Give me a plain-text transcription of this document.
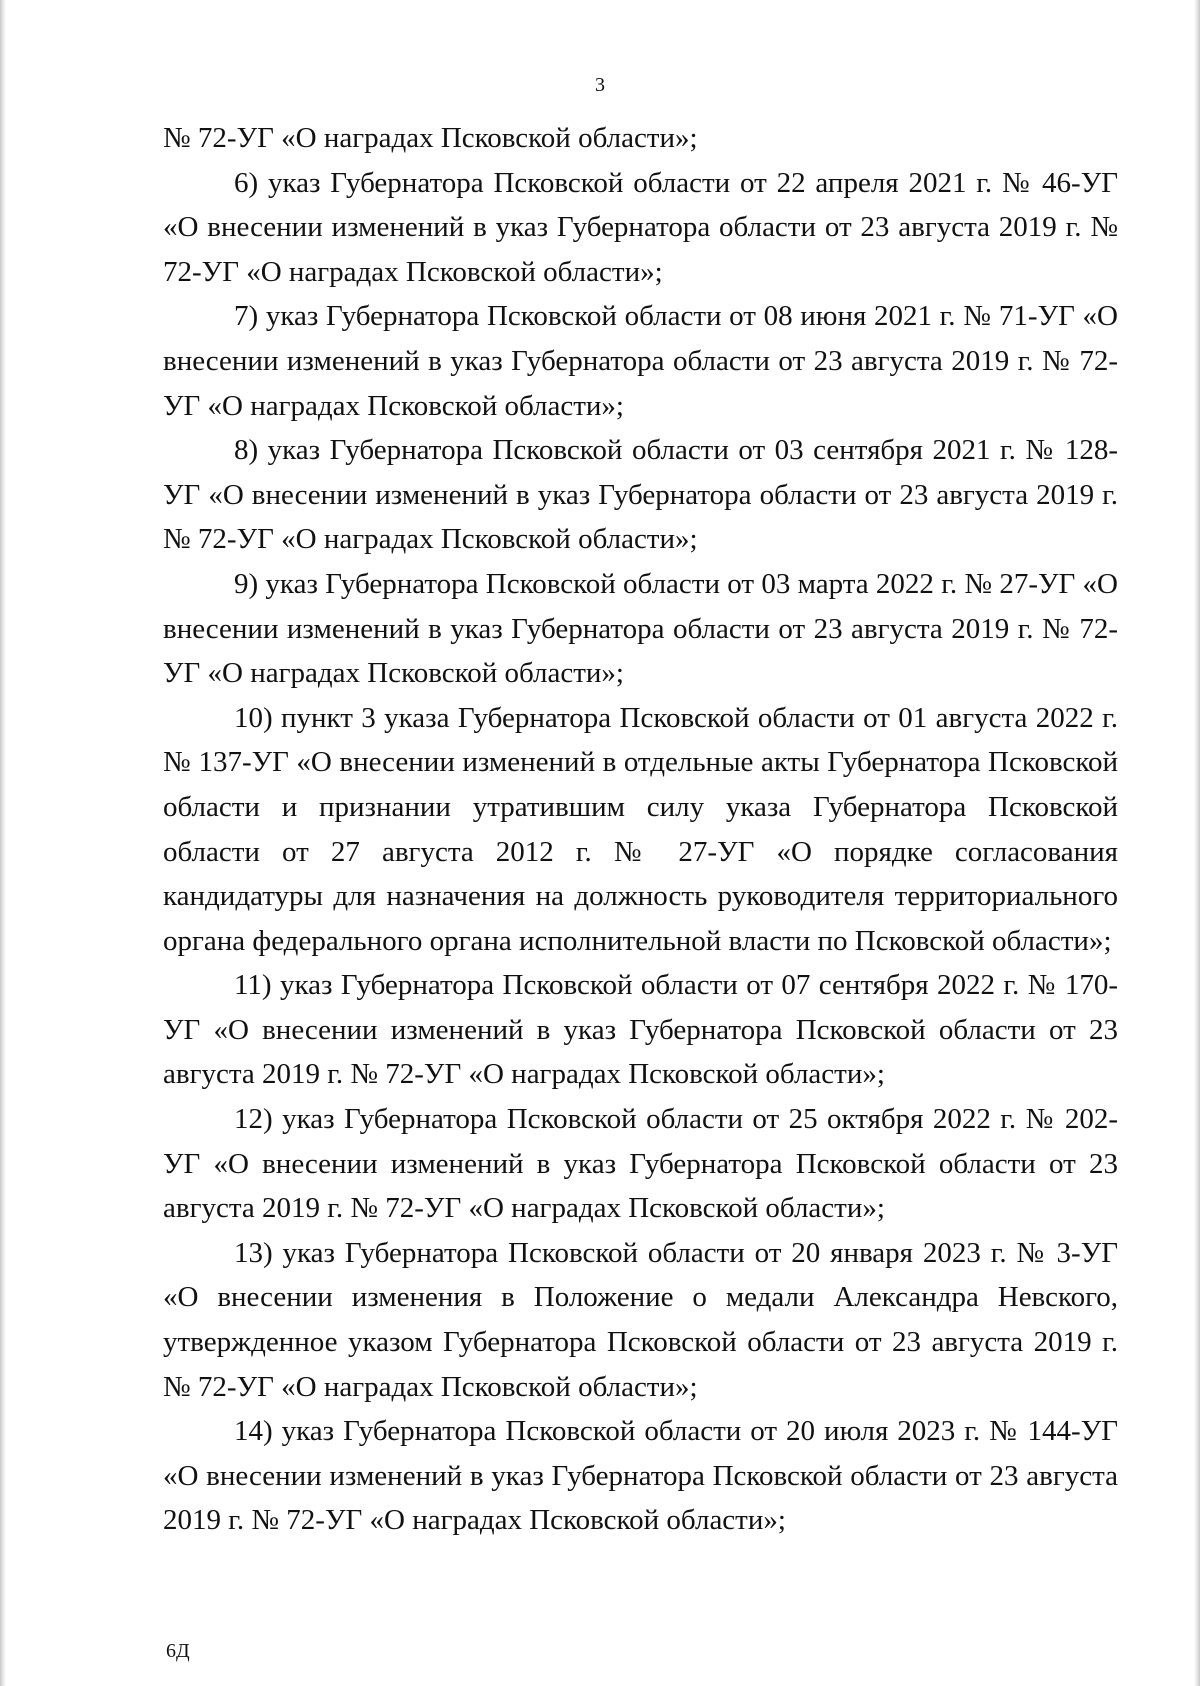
3

№ 72-УГ «О наградах Псковской области»;

6) указ Губернатора Псковской области от 22 апреля 2021 г. № 46-УГ «О внесении изменений в указ Губернатора области от 23 августа 2019 г. № 72-УГ «О наградах Псковской области»;

7) указ Губернатора Псковской области от 08 июня 2021 г. № 71-УГ «О внесении изменений в указ Губернатора области от 23 августа 2019 г. № 72-УГ «О наградах Псковской области»;

8) указ Губернатора Псковской области от 03 сентября 2021 г. № 128-УГ «О внесении изменений в указ Губернатора области от 23 августа 2019 г. № 72-УГ «О наградах Псковской области»;

9) указ Губернатора Псковской области от 03 марта 2022 г. № 27-УГ «О внесении изменений в указ Губернатора области от 23 августа 2019 г. № 72-УГ «О наградах Псковской области»;

10) пункт 3 указа Губернатора Псковской области от 01 августа 2022 г. № 137-УГ «О внесении изменений в отдельные акты Губернатора Псковской области и признании утратившим силу указа Губернатора Псковской области от 27 августа 2012 г. № 27-УГ «О порядке согласования кандидатуры для назначения на должность руководителя территориального органа федерального органа исполнительной власти по Псковской области»;

11) указ Губернатора Псковской области от 07 сентября 2022 г. № 170-УГ «О внесении изменений в указ Губернатора Псковской области от 23 августа 2019 г. № 72-УГ «О наградах Псковской области»;

12) указ Губернатора Псковской области от 25 октября 2022 г. № 202-УГ «О внесении изменений в указ Губернатора Псковской области от 23 августа 2019 г. № 72-УГ «О наградах Псковской области»;

13) указ Губернатора Псковской области от 20 января 2023 г. № 3-УГ «О внесении изменения в Положение о медали Александра Невского, утвержденное указом Губернатора Псковской области от 23 августа 2019 г. № 72-УГ «О наградах Псковской области»;

14) указ Губернатора Псковской области от 20 июля 2023 г. № 144-УГ «О внесении изменений в указ Губернатора Псковской области от 23 августа 2019 г. № 72-УГ «О наградах Псковской области»;

6Д
